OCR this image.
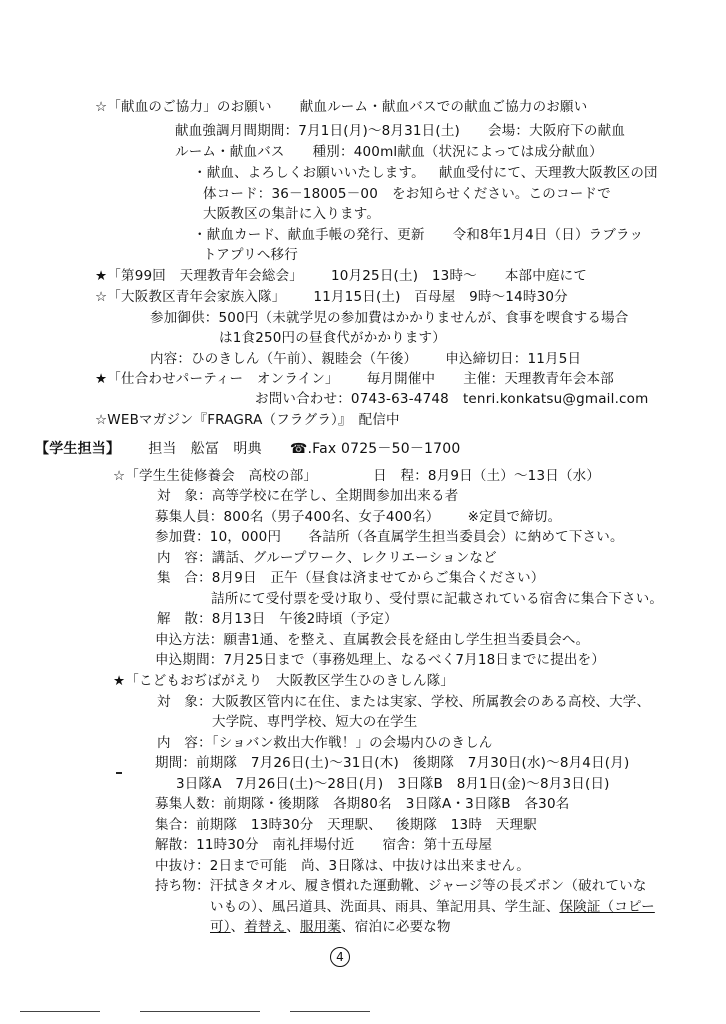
☆「献血のご協力」のお願い 献血ルーム・献血バスでの献血ご協力のお願い
献血強調月間期間：7月1日(月)～8月31日(土) 会場：大阪府下の献血
ルーム・献血バス 種別：400ml献血（状況によっては成分献血）
・献血、よろしくお願いいたします。 献血受付にて、天理教大阪教区の団
体コード：36－18005－00 をお知らせください。このコードで
大阪教区の集計に入ります。
・献血カード、献血手帳の発行、更新 令和8年1月4日（日）ラブラッ
トアプリへ移行
★「第99回　天理教青年会総会」 10月25日(土)　13時～ 本部中庭にて
☆「大阪教区青年会家族入隊」 11月15日(土)　百母屋　9時～14時30分
参加御供：500円（未就学児の参加費はかかりませんが、食事を喫食する場合
は1食250円の昼食代がかかります）
内容：ひのきしん（午前）、親睦会（午後） 申込締切日：11月5日
★「仕合わせパーティー　オンライン」 毎月開催中 主催：天理教青年会本部
お問い合わせ：0743-63-4748 tenri.konkatsu@gmail.com
☆WEBマガジン『FRAGRA（フラグラ）』　配信中
【学生担当】 担当　舩冨　明典 ☎.Fax 0725－50－1700
☆「学生生徒修養会　高校の部」	日　程：8月9日（土）～13日（水）
対　象：高等学校に在学し、全期間参加出来る者
募集人員：800名（男子400名、女子400名） ※定員で締切。
参加費：10，000円　　各詰所（各直属学生担当委員会）に納めて下さい。
内　容：講話、グループワーク、レクリエーションなど
集　合：8月9日　正午（昼食は済ませてからご集合ください）
詰所にて受付票を受け取り、受付票に記載されている宿舎に集合下さい。
解　散：8月13日　午後2時頃（予定）
申込方法：願書1通、を整え、直属教会長を経由し学生担当委員会へ。
申込期間：7月25日まで（事務処理上、なるべく7月18日までに提出を）
★「こどもおぢばがえり　大阪教区学生ひのきしん隊」
対　象：大阪教区管内に在住、または実家、学校、所属教会のある高校、大学、
大学院、専門学校、短大の在学生
内　容：「ショバン救出大作戦！」の会場内ひのきしん
期間：前期隊　7月26日(土)～31日(木) 後期隊　7月30日(水)～8月4日(月)
3日隊A　7月26日(土)～28日(月) 3日隊B　8月1日(金)～8月3日(日)
募集人数：前期隊・後期隊　各期80名 3日隊A・3日隊B　各30名
集合：前期隊　13時30分　天理駅、 後期隊　13時　天理駅
解散：11時30分　南礼拝場付近 宿舎：第十五母屋
中抜け：2日まで可能 尚、3日隊は、中抜けは出来ません。
持ち物：汗拭きタオル、履き慣れた運動靴、ジャージ等の長ズボン（破れていな
いもの）、風呂道具、洗面具、雨具、筆記用具、学生証、保険証（コピー
可）、着替え、服用薬、宿泊に必要な物
4
